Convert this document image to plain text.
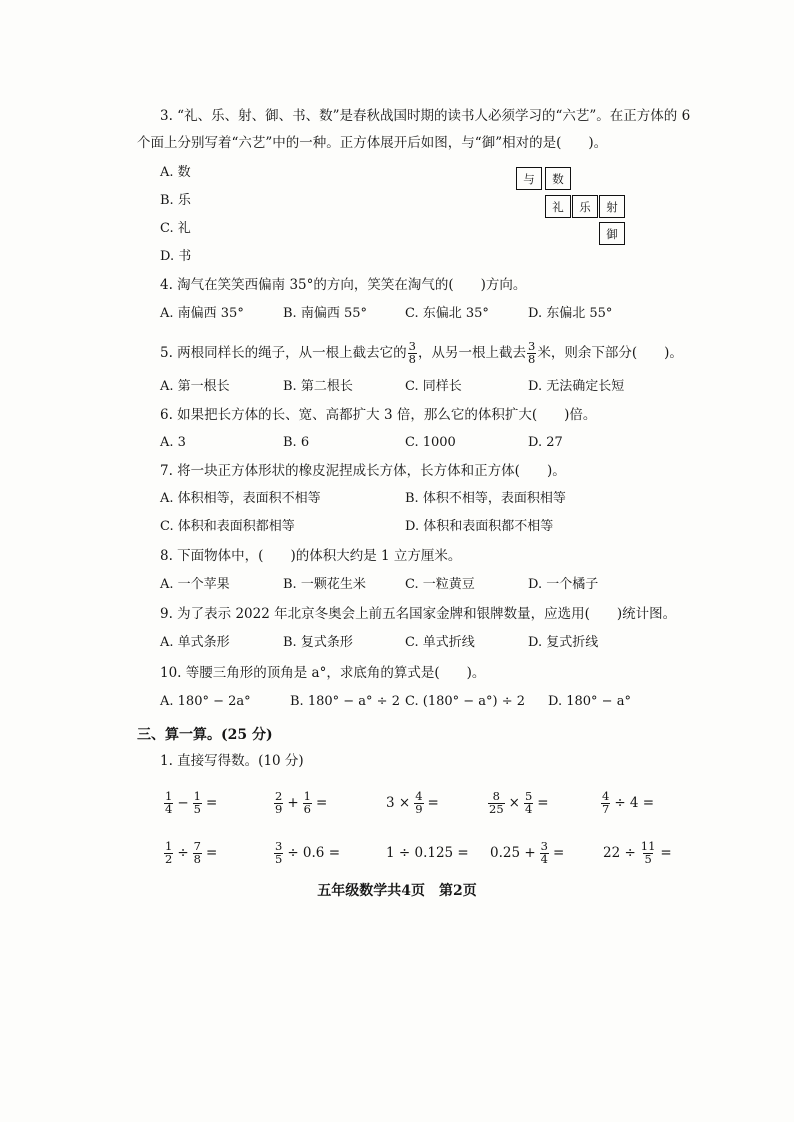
3. “礼、乐、射、御、书、数”是春秋战国时期的读书人必须学习的“六艺”。在正方体的 6
个面上分别写着“六艺”中的一种。正方体展开后如图，与“御”相对的是(　　)。
A. 数
B. 乐
C. 礼
D. 书
与	数
礼	乐	射
御
4. 淘气在笑笑西偏南 35°的方向，笑笑在淘气的(　　)方向。
A. 南偏西 35°	B. 南偏西 55°	C. 东偏北 35°	D. 东偏北 55°
5. 两根同样长的绳子，从一根上截去它的 $\frac{3}{8}$ ，从另一根上截去 $\frac{3}{8}$ 米，则余下部分(　　)。
A. 第一根长	B. 第二根长	C. 同样长	D. 无法确定长短
6. 如果把长方体的长、宽、高都扩大 3 倍，那么它的体积扩大(　　)倍。
A. 3	B. 6	C. 1000	D. 27
7. 将一块正方体形状的橡皮泥捏成长方体，长方体和正方体(　　)。
A. 体积相等，表面积不相等	B. 体积不相等，表面积相等
C. 体积和表面积都相等	D. 体积和表面积都不相等
8. 下面物体中，(　　)的体积大约是 1 立方厘米。
A. 一个苹果	B. 一颗花生米	C. 一粒黄豆	D. 一个橘子
9. 为了表示 2022 年北京冬奥会上前五名国家金牌和银牌数量，应选用(　　)统计图。
A. 单式条形	B. 复式条形	C. 单式折线	D. 复式折线
10. 等腰三角形的顶角是 a°，求底角的算式是(　　)。
A. 180° − 2a°	B. 180° − a° ÷ 2 C. (180° − a°) ÷ 2 D. 180° − a°
三、算一算。(25 分)
1. 直接写得数。(10 分)
$\frac{1}{4} - \frac{1}{5}$ =	$\frac{2}{9} + \frac{1}{6}$ =	$3 \times \frac{4}{9}$ =	$\frac{8}{25} \times \frac{5}{4}$ =	$\frac{4}{7} \div 4$ =
$\frac{1}{2} \div \frac{7}{8}$ =	$\frac{3}{5} \div 0.6$ =	$1 \div 0.125 = 0.25 + \frac{3}{4}$ =	$22 \div \frac{11}{5}$ =
五年级数学共4页　第2页
